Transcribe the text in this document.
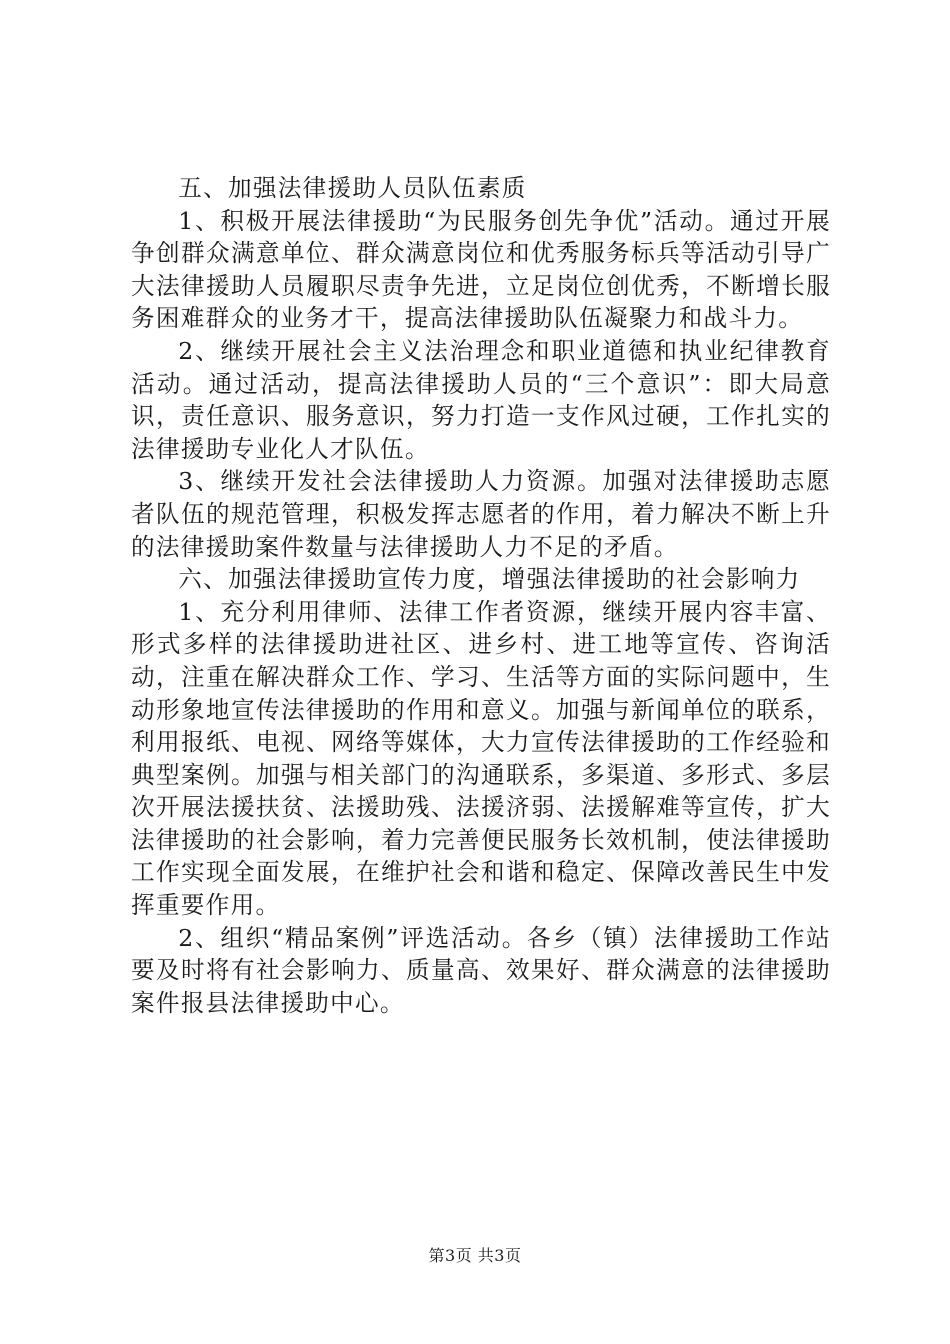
五、加强法律援助人员队伍素质

1、积极开展法律援助“为民服务创先争优”活动。通过开展争创群众满意单位、群众满意岗位和优秀服务标兵等活动引导广大法律援助人员履职尽责争先进，立足岗位创优秀，不断增长服务困难群众的业务才干，提高法律援助队伍凝聚力和战斗力。

2、继续开展社会主义法治理念和职业道德和执业纪律教育活动。通过活动，提高法律援助人员的“三个意识”：即大局意识，责任意识、服务意识，努力打造一支作风过硬，工作扎实的法律援助专业化人才队伍。

3、继续开发社会法律援助人力资源。加强对法律援助志愿者队伍的规范管理，积极发挥志愿者的作用，着力解决不断上升的法律援助案件数量与法律援助人力不足的矛盾。

六、加强法律援助宣传力度，增强法律援助的社会影响力

1、充分利用律师、法律工作者资源，继续开展内容丰富、形式多样的法律援助进社区、进乡村、进工地等宣传、咨询活动，注重在解决群众工作、学习、生活等方面的实际问题中，生动形象地宣传法律援助的作用和意义。加强与新闻单位的联系，利用报纸、电视、网络等媒体，大力宣传法律援助的工作经验和典型案例。加强与相关部门的沟通联系，多渠道、多形式、多层次开展法援扶贫、法援助残、法援济弱、法援解难等宣传，扩大法律援助的社会影响，着力完善便民服务长效机制，使法律援助工作实现全面发展，在维护社会和谐和稳定、保障改善民生中发挥重要作用。

2、组织“精品案例”评选活动。各乡（镇）法律援助工作站要及时将有社会影响力、质量高、效果好、群众满意的法律援助案件报县法律援助中心。

第3页 共3页
